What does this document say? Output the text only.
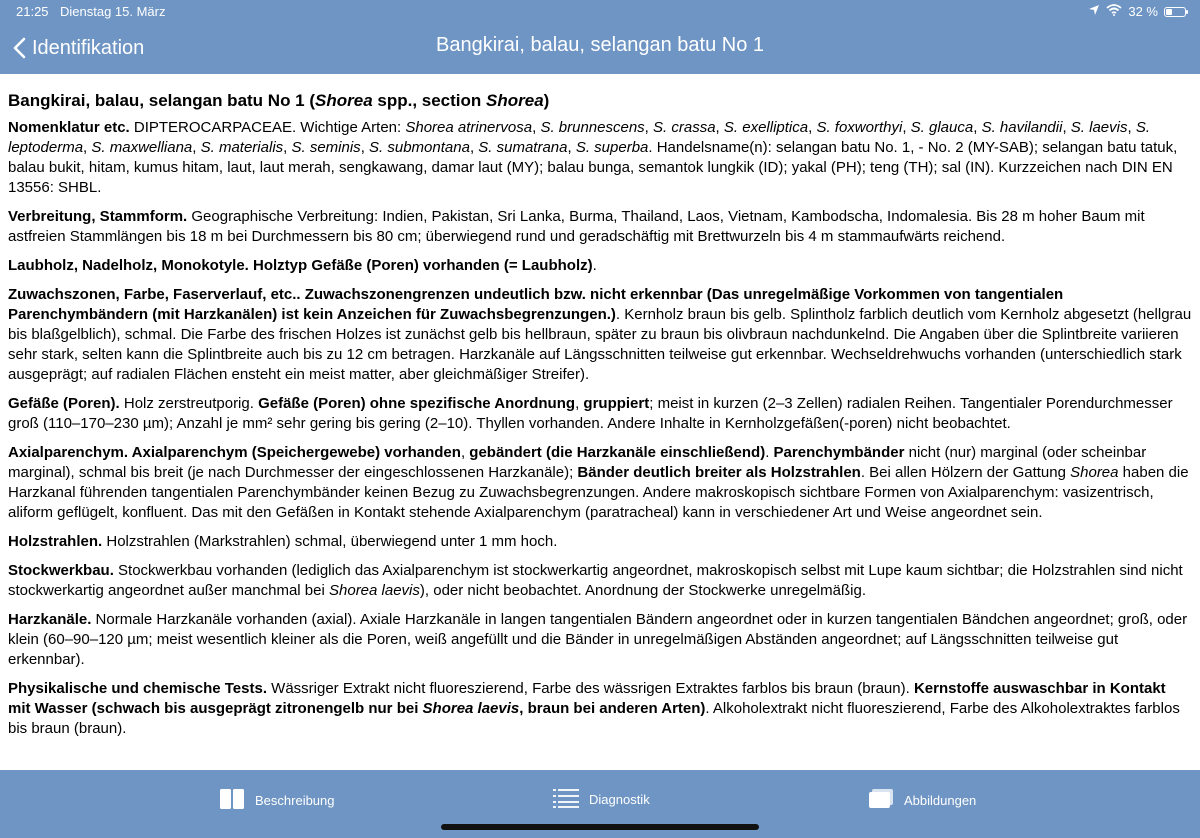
21:25 Dienstag 15. März	32 %
Identifikation	Bangkirai, balau, selangan batu No 1
Bangkirai, balau, selangan batu No 1 (Shorea spp., section Shorea)

Nomenklatur etc. DIPTEROCARPACEAE. Wichtige Arten: Shorea atrinervosa, S. brunnescens, S. crassa, S. exelliptica, S. foxworthyi, S. glauca, S. havilandii, S. laevis, S. leptoderma, S. maxwelliana, S. materialis, S. seminis, S. submontana, S. sumatrana, S. superba. Handelsname(n): selangan batu No. 1, - No. 2 (MY-SAB); selangan batu tatuk, balau bukit, hitam, kumus hitam, laut, laut merah, sengkawang, damar laut (MY); balau bunga, semantok lungkik (ID); yakal (PH); teng (TH); sal (IN). Kurzzeichen nach DIN EN 13556: SHBL.

Verbreitung, Stammform. Geographische Verbreitung: Indien, Pakistan, Sri Lanka, Burma, Thailand, Laos, Vietnam, Kambodscha, Indomalesia. Bis 28 m hoher Baum mit astfreien Stammlängen bis 18 m bei Durchmessern bis 80 cm; überwiegend rund und geradschäftig mit Brettwurzeln bis 4 m stammaufwärts reichend.

Laubholz, Nadelholz, Monokotyle. Holztyp Gefäße (Poren) vorhanden (= Laubholz).

Zuwachszonen, Farbe, Faserverlauf, etc.. Zuwachszonengrenzen undeutlich bzw. nicht erkennbar (Das unregelmäßige Vorkommen von tangentialen Parenchymbändern (mit Harzkanälen) ist kein Anzeichen für Zuwachsbegrenzungen.). Kernholz braun bis gelb. Splintholz farblich deutlich vom Kernholz abgesetzt (hellgrau bis blaßgelblich), schmal. Die Farbe des frischen Holzes ist zunächst gelb bis hellbraun, später zu braun bis olivbraun nachdunkelnd. Die Angaben über die Splintbreite variieren sehr stark, selten kann die Splintbreite auch bis zu 12 cm betragen. Harzkanäle auf Längsschnitten teilweise gut erkennbar. Wechseldrehwuchs vorhanden (unterschiedlich stark ausgeprägt; auf radialen Flächen ensteht ein meist matter, aber gleichmäßiger Streifer).

Gefäße (Poren). Holz zerstreutporig. Gefäße (Poren) ohne spezifische Anordnung, gruppiert; meist in kurzen (2–3 Zellen) radialen Reihen. Tangentialer Porendurchmesser groß (110–170–230 µm); Anzahl je mm² sehr gering bis gering (2–10). Thyllen vorhanden. Andere Inhalte in Kernholzgefäßen(-poren) nicht beobachtet.

Axialparenchym. Axialparenchym (Speichergewebe) vorhanden, gebändert (die Harzkanäle einschließend). Parenchymbänder nicht (nur) marginal (oder scheinbar marginal), schmal bis breit (je nach Durchmesser der eingeschlossenen Harzkanäle); Bänder deutlich breiter als Holzstrahlen. Bei allen Hölzern der Gattung Shorea haben die Harzkanal führenden tangentialen Parenchymbänder keinen Bezug zu Zuwachsbegrenzungen. Andere makroskopisch sichtbare Formen von Axialparenchym: vasizentrisch, aliform geflügelt, konfluent. Das mit den Gefäßen in Kontakt stehende Axialparenchym (paratracheal) kann in verschiedener Art und Weise angeordnet sein.

Holzstrahlen. Holzstrahlen (Markstrahlen) schmal, überwiegend unter 1 mm hoch.

Stockwerkbau. Stockwerkbau vorhanden (lediglich das Axialparenchym ist stockwerkartig angeordnet, makroskopisch selbst mit Lupe kaum sichtbar; die Holzstrahlen sind nicht stockwerkartig angeordnet außer manchmal bei Shorea laevis), oder nicht beobachtet. Anordnung der Stockwerke unregelmäßig.

Harzkanäle. Normale Harzkanäle vorhanden (axial). Axiale Harzkanäle in langen tangentialen Bändern angeordnet oder in kurzen tangentialen Bändchen angeordnet; groß, oder klein (60–90–120 µm; meist wesentlich kleiner als die Poren, weiß angefüllt und die Bänder in unregelmäßigen Abständen angeordnet; auf Längsschnitten teilweise gut erkennbar).

Physikalische und chemische Tests. Wässriger Extrakt nicht fluoreszierend, Farbe des wässrigen Extraktes farblos bis braun (braun). Kernstoffe auswaschbar in Kontakt mit Wasser (schwach bis ausgeprägt zitronengelb nur bei Shorea laevis, braun bei anderen Arten). Alkoholextrakt nicht fluoreszierend, Farbe des Alkoholextraktes farblos bis braun (braun).

Beschreibung	Diagnostik	Abbildungen
